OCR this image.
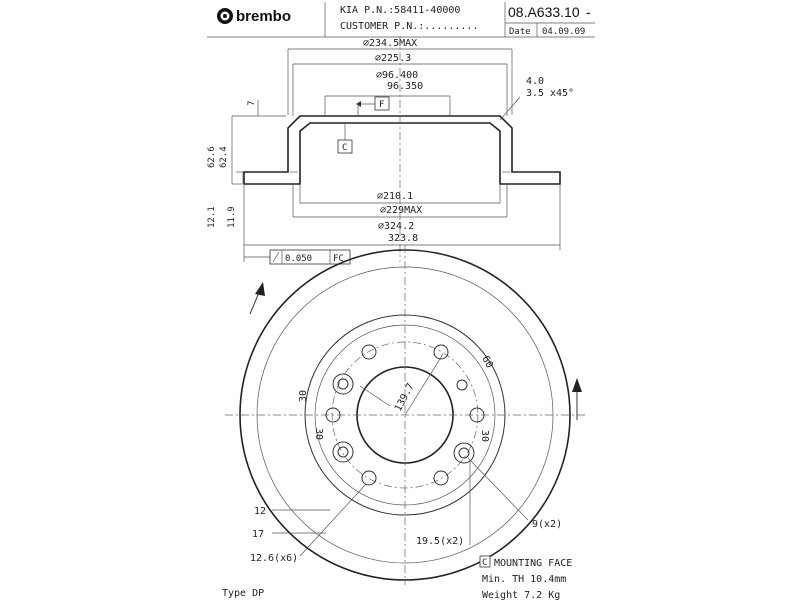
brembo	KIA P.N.:58411-40000
CUSTOMER P.N.:.........
08.A633.10 -
Date 04.09.09
F
C
⌀234.5MAX
⌀225.3
⌀96.400
96.350	4.0
3.5 x45°
7
62.6 62.4
12.1 11.9
⌀210.1
⌀229MAX
⌀324.2
323.8
0.050 FC
139.7
60
30
30	30
12
17
12.6(x6)
19.5(x2)
9(x2)
C MOUNTING FACE
Min. TH 10.4mm
Weight 7.2 Kg
Type DP
